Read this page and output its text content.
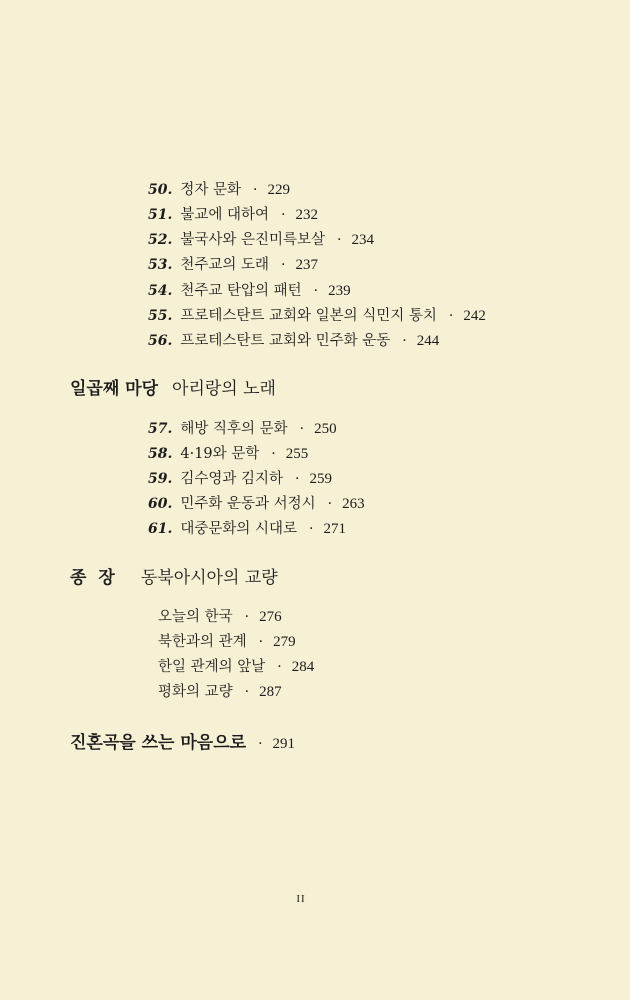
50. 정자 문화 · 229
51. 불교에 대하여 · 232
52. 불국사와 은진미륵보살 · 234
53. 천주교의 도래 · 237
54. 천주교 탄압의 패턴 · 239
55. 프로테스탄트 교회와 일본의 식민지 통치 · 242
56. 프로테스탄트 교회와 민주화 운동 · 244
일곱째 마당 아리랑의 노래
57. 해방 직후의 문화 · 250
58. 4·19와 문학 · 255
59. 김수영과 김지하 · 259
60. 민주화 운동과 서정시 · 263
61. 대중문화의 시대로 · 271
종장 동북아시아의 교량
오늘의 한국 · 276
북한과의 관계 · 279
한일 관계의 앞날 · 284
평화의 교량 · 287
진혼곡을 쓰는 마음으로 · 291
II
